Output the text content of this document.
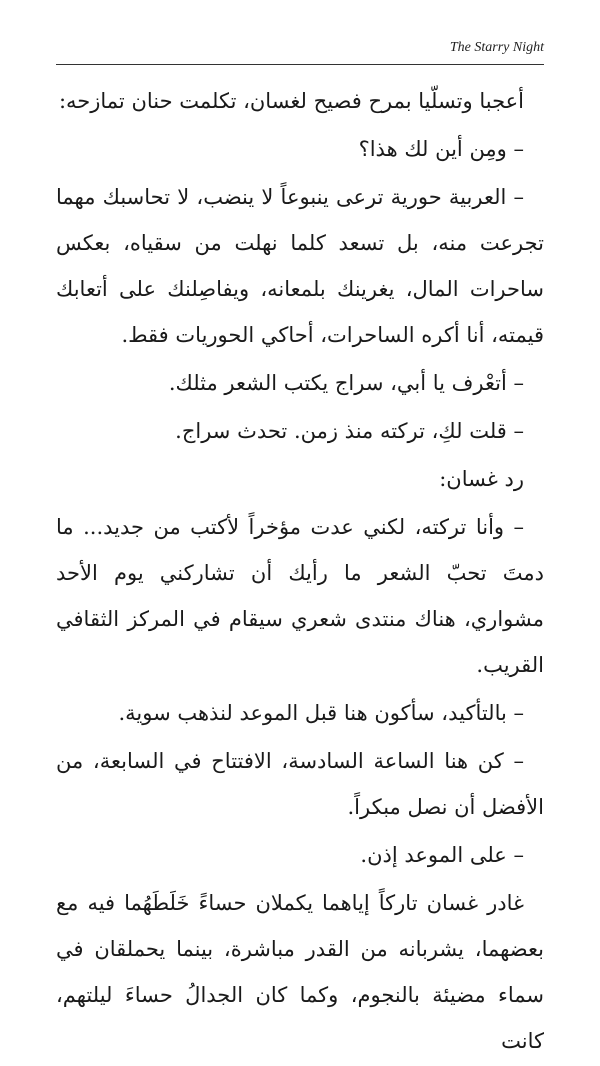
The Starry Night

أعجبا وتسلّيا بمرح فصيح لغسان، تكلمت حنان تمازحه:

– ومِن أين لك هذا؟

– العربية حورية ترعى ينبوعاً لا ينضب، لا تحاسبك مهما تجرعت منه، بل تسعد كلما نهلت من سقياه، بعكس ساحرات المال، يغرينك بلمعانه، ويفاصِلنك على أتعابك قيمته، أنا أكره الساحرات، أحاكي الحوريات فقط.

– أتعْرف يا أبي، سراج يكتب الشعر مثلك.

– قلت لكِ، تركته منذ زمن. تحدث سراج.

رد غسان:

– وأنا تركته، لكني عدت مؤخراً لأكتب من جديد... ما دمتَ تحبّ الشعر ما رأيك أن تشاركني يوم الأحد مشواري، هناك منتدى شعري سيقام في المركز الثقافي القريب.

– بالتأكيد، سأكون هنا قبل الموعد لنذهب سوية.

– كن هنا الساعة السادسة، الافتتاح في السابعة، من الأفضل أن نصل مبكراً.

– على الموعد إذن.

غادر غسان تاركاً إياهما يكملان حساءً خَلَطَهُما فيه مع بعضهما، يشربانه من القدر مباشرة، بينما يحملقان في سماء مضيئة بالنجوم، وكما كان الجدالُ حساءَ ليلتهم، كانت
